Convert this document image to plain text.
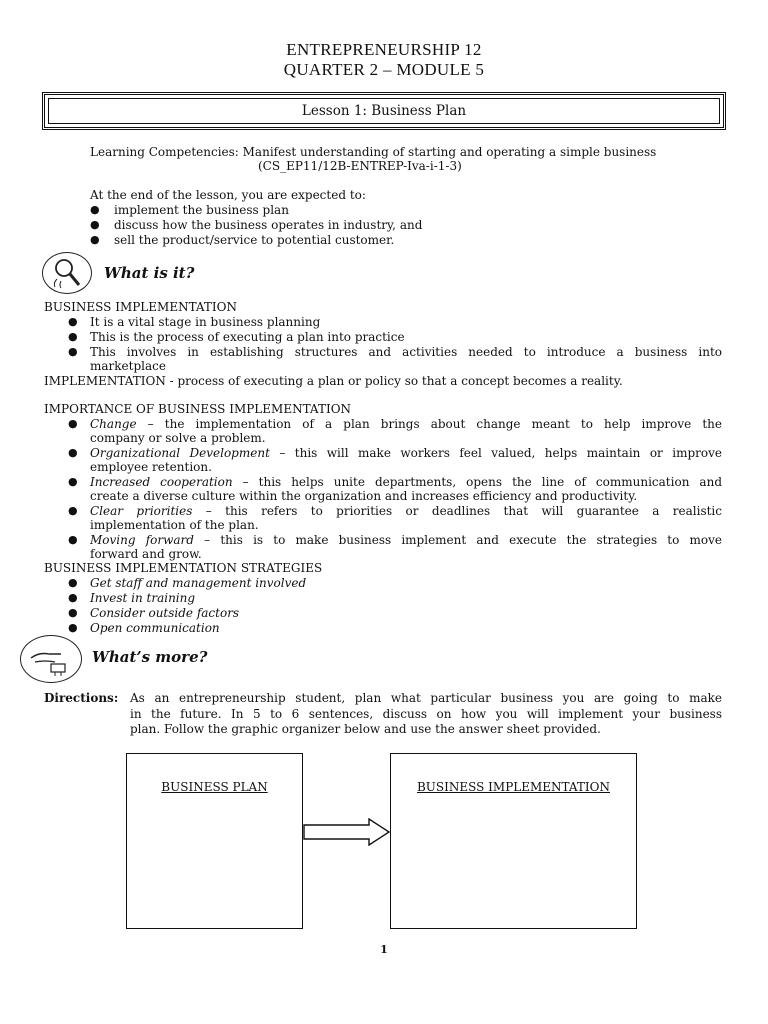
ENTREPRENEURSHIP 12
QUARTER 2 – MODULE 5
Lesson 1: Business Plan
Learning Competencies: Manifest understanding of starting and operating a simple business
(CS_EP11/12B-ENTREP-Iva-i-1-3)
At the end of the lesson, you are expected to:
● implement the business plan
● discuss how the business operates in industry, and
● sell the product/service to potential customer.
What is it?
BUSINESS IMPLEMENTATION
● It is a vital stage in business planning
● This is the process of executing a plan into practice
● This involves in establishing structures and activities needed to introduce a business into
marketplace
IMPLEMENTATION - process of executing a plan or policy so that a concept becomes a reality.
IMPORTANCE OF BUSINESS IMPLEMENTATION
● Change – the implementation of a plan brings about change meant to help improve the
company or solve a problem.
● Organizational Development – this will make workers feel valued, helps maintain or improve
employee retention.
● Increased cooperation – this helps unite departments, opens the line of communication and
create a diverse culture within the organization and increases efficiency and productivity.
● Clear priorities – this refers to priorities or deadlines that will guarantee a realistic
implementation of the plan.
● Moving forward – this is to make business implement and execute the strategies to move
forward and grow.
BUSINESS IMPLEMENTATION STRATEGIES
● Get staff and management involved
● Invest in training
● Consider outside factors
● Open communication
What’s more?
Directions: As an entrepreneurship student, plan what particular business you are going to make
in the future. In 5 to 6 sentences, discuss on how you will implement your business
plan. Follow the graphic organizer below and use the answer sheet provided.
BUSINESS PLAN	BUSINESS IMPLEMENTATION
1
